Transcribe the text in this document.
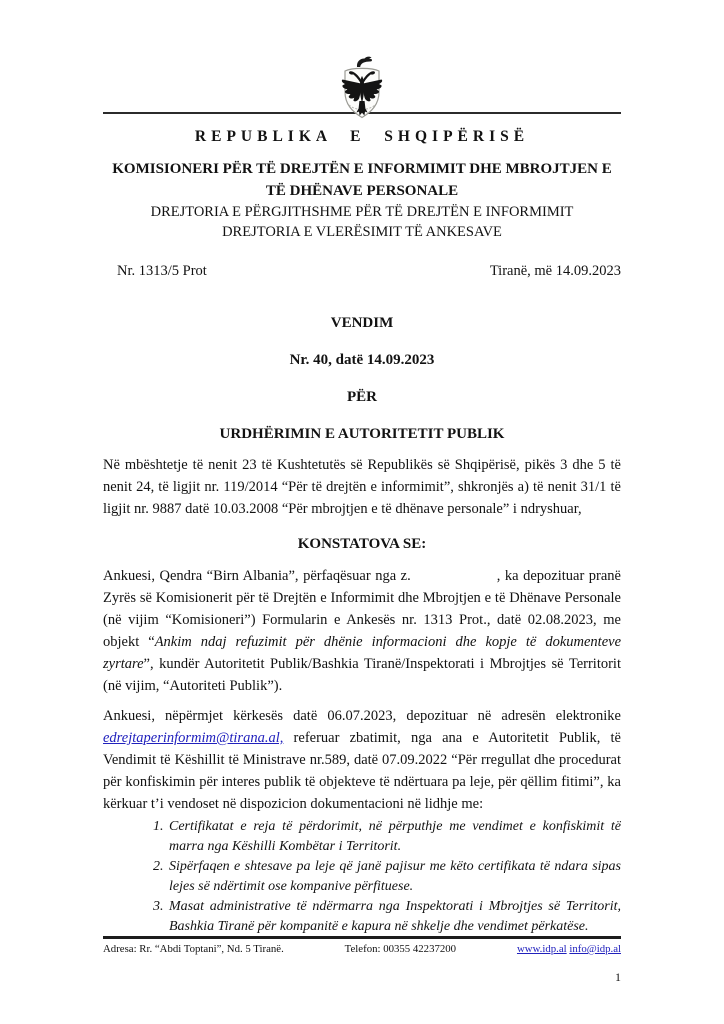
REPUBLIKA E SHQIPËRISË
KOMISIONERI PËR TË DREJTËN E INFORMIMIT DHE MBROJTJEN E TË DHËNAVE PERSONALE
DREJTORIA E PËRGJITHSHME PËR TË DREJTËN E INFORMIMIT
DREJTORIA E VLERËSIMIT TË ANKESAVE
Nr. 1313/5 Prot	Tiranë, më 14.09.2023
VENDIM
Nr. 40, datë 14.09.2023
PËR
URDHËRIMIN E AUTORITETIT PUBLIK

Në mbështetje të nenit 23 të Kushtetutës së Republikës së Shqipërisë, pikës 3 dhe 5 të nenit 24, të ligjit nr. 119/2014 “Për të drejtën e informimit”, shkronjës a) të nenit 31/1 të ligjit nr. 9887 datë 10.03.2008 “Për mbrojtjen e të dhënave personale” i ndryshuar,

KONSTATOVA SE:

Ankuesi, Qendra “Birn Albania”, përfaqësuar nga z.	, ka depozituar pranë Zyrës së Komisionerit për të Drejtën e Informimit dhe Mbrojtjen e të Dhënave Personale (në vijim “Komisioneri”) Formularin e Ankesës nr. 1313 Prot., datë 02.08.2023, me objekt “Ankim ndaj refuzimit për dhënie informacioni dhe kopje të dokumenteve zyrtare”, kundër Autoritetit Publik/Bashkia Tiranë/Inspektorati i Mbrojtjes së Territorit (në vijim, “Autoriteti Publik”).

Ankuesi, nëpërmjet kërkesës datë 06.07.2023, depozituar në adresën elektronike edrejtaperinformim@tirana.al, referuar zbatimit, nga ana e Autoritetit Publik, të Vendimit të Këshillit të Ministrave nr.589, datë 07.09.2022 “Për rregullat dhe procedurat për konfiskimin për interes publik të objekteve të ndërtuara pa leje, për qëllim fitimi”, ka kërkuar t’i vendoset në dispozicion dokumentacioni në lidhje me:

1. Certifikatat e reja të përdorimit, në përputhje me vendimet e konfiskimit të marra nga Këshilli Kombëtar i Territorit.
2. Sipërfaqen e shtesave pa leje që janë pajisur me këto certifikata të ndara sipas lejes së ndërtimit ose kompanive përfituese.
3. Masat administrative të ndërmarra nga Inspektorati i Mbrojtjes së Territorit, Bashkia Tiranë për kompanitë e kapura në shkelje dhe vendimet përkatëse.
Adresa: Rr. “Abdi Toptani”, Nd. 5 Tiranë.	Telefon: 00355 42237200	www.idp.al info@idp.al
1
